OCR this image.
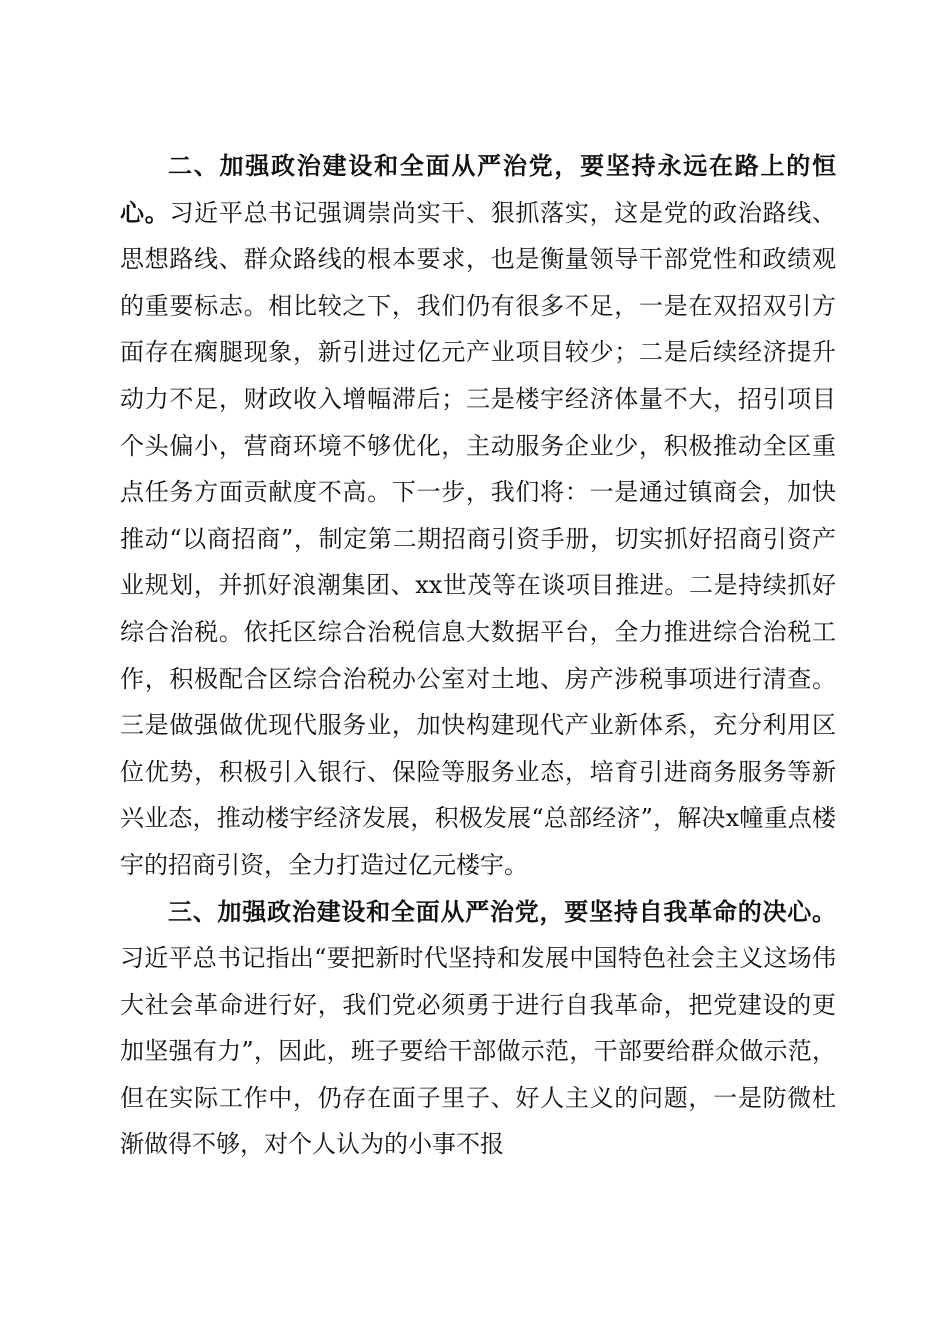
二、加强政治建设和全面从严治党，要坚持永远在路上的恒心。习近平总书记强调崇尚实干、狠抓落实，这是党的政治路线、思想路线、群众路线的根本要求，也是衡量领导干部党性和政绩观的重要标志。相比较之下，我们仍有很多不足，一是在双招双引方面存在瘸腿现象，新引进过亿元产业项目较少；二是后续经济提升动力不足，财政收入增幅滞后；三是楼宇经济体量不大，招引项目个头偏小，营商环境不够优化，主动服务企业少，积极推动全区重点任务方面贡献度不高。下一步，我们将：一是通过镇商会，加快推动“以商招商”，制定第二期招商引资手册，切实抓好招商引资产业规划，并抓好浪潮集团、xx世茂等在谈项目推进。二是持续抓好综合治税。依托区综合治税信息大数据平台，全力推进综合治税工作，积极配合区综合治税办公室对土地、房产涉税事项进行清查。三是做强做优现代服务业，加快构建现代产业新体系，充分利用区位优势，积极引入银行、保险等服务业态，培育引进商务服务等新兴业态，推动楼宇经济发展，积极发展“总部经济”，解决x幢重点楼宇的招商引资，全力打造过亿元楼宇。

三、加强政治建设和全面从严治党，要坚持自我革命的决心。习近平总书记指出“要把新时代坚持和发展中国特色社会主义这场伟大社会革命进行好，我们党必须勇于进行自我革命，把党建设的更加坚强有力”，因此，班子要给干部做示范，干部要给群众做示范，但在实际工作中，仍存在面子里子、好人主义的问题，一是防微杜渐做得不够，对个人认为的小事不报
